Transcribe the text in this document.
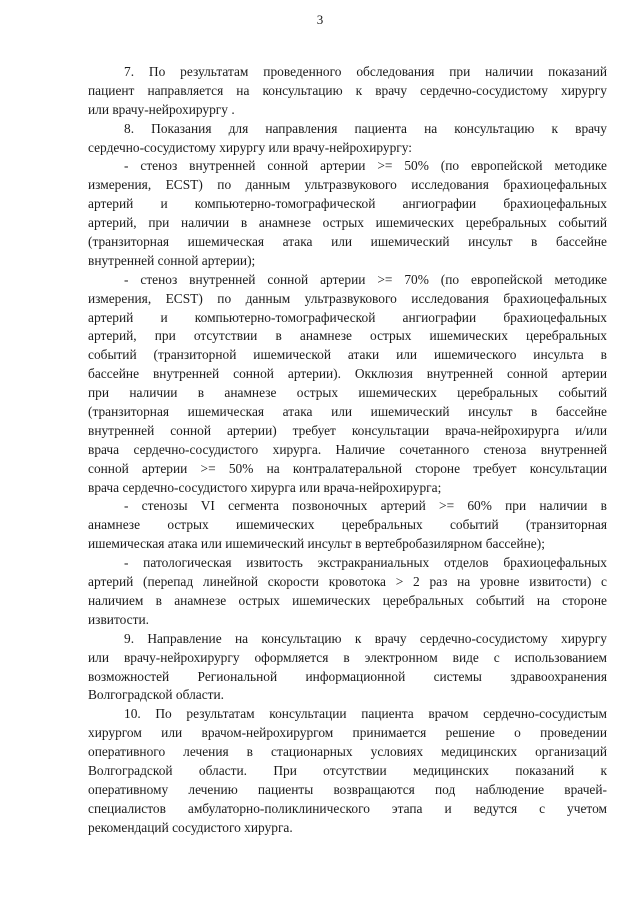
3
7. По результатам проведенного обследования при наличии показаний
пациент направляется на консультацию к врачу сердечно-сосудистому хирургу
или врачу-нейрохирургу .
8. Показания для направления пациента на консультацию к врачу
сердечно-сосудистому хирургу или врачу-нейрохирургу:
- стеноз внутренней сонной артерии >= 50% (по европейской методике
измерения, ECST) по данным ультразвукового исследования брахиоцефальных
артерий и компьютерно-томографической ангиографии брахиоцефальных
артерий, при наличии в анамнезе острых ишемических церебральных событий
(транзиторная ишемическая атака или ишемический инсульт в бассейне
внутренней сонной артерии);
- стеноз внутренней сонной артерии >= 70% (по европейской методике
измерения, ECST) по данным ультразвукового исследования брахиоцефальных
артерий и компьютерно-томографической ангиографии брахиоцефальных
артерий, при отсутствии в анамнезе острых ишемических церебральных
событий (транзиторной ишемической атаки или ишемического инсульта в
бассейне внутренней сонной артерии). Окклюзия внутренней сонной артерии
при наличии в анамнезе острых ишемических церебральных событий
(транзиторная ишемическая атака или ишемический инсульт в бассейне
внутренней сонной артерии) требует консультации врача-нейрохирурга и/или
врача сердечно-сосудистого хирурга. Наличие сочетанного стеноза внутренней
сонной артерии >= 50% на контралатеральной стороне требует консультации
врача сердечно-сосудистого хирурга или врача-нейрохирурга;
- стенозы VI сегмента позвоночных артерий >= 60% при наличии в
анамнезе острых ишемических церебральных событий (транзиторная
ишемическая атака или ишемический инсульт в вертебробазилярном бассейне);
- патологическая извитость экстракраниальных отделов брахиоцефальных
артерий (перепад линейной скорости кровотока > 2 раз на уровне извитости) с
наличием в анамнезе острых ишемических церебральных событий на стороне
извитости.
9. Направление на консультацию к врачу сердечно-сосудистому хирургу
или врачу-нейрохирургу оформляется в электронном виде с использованием
возможностей Региональной информационной системы здравоохранения
Волгоградской области.
10. По результатам консультации пациента врачом сердечно-сосудистым
хирургом или врачом-нейрохирургом принимается решение о проведении
оперативного лечения в стационарных условиях медицинских организаций
Волгоградской области. При отсутствии медицинских показаний к
оперативному лечению пациенты возвращаются под наблюдение врачей-
специалистов амбулаторно-поликлинического этапа и ведутся с учетом
рекомендаций сосудистого хирурга.
